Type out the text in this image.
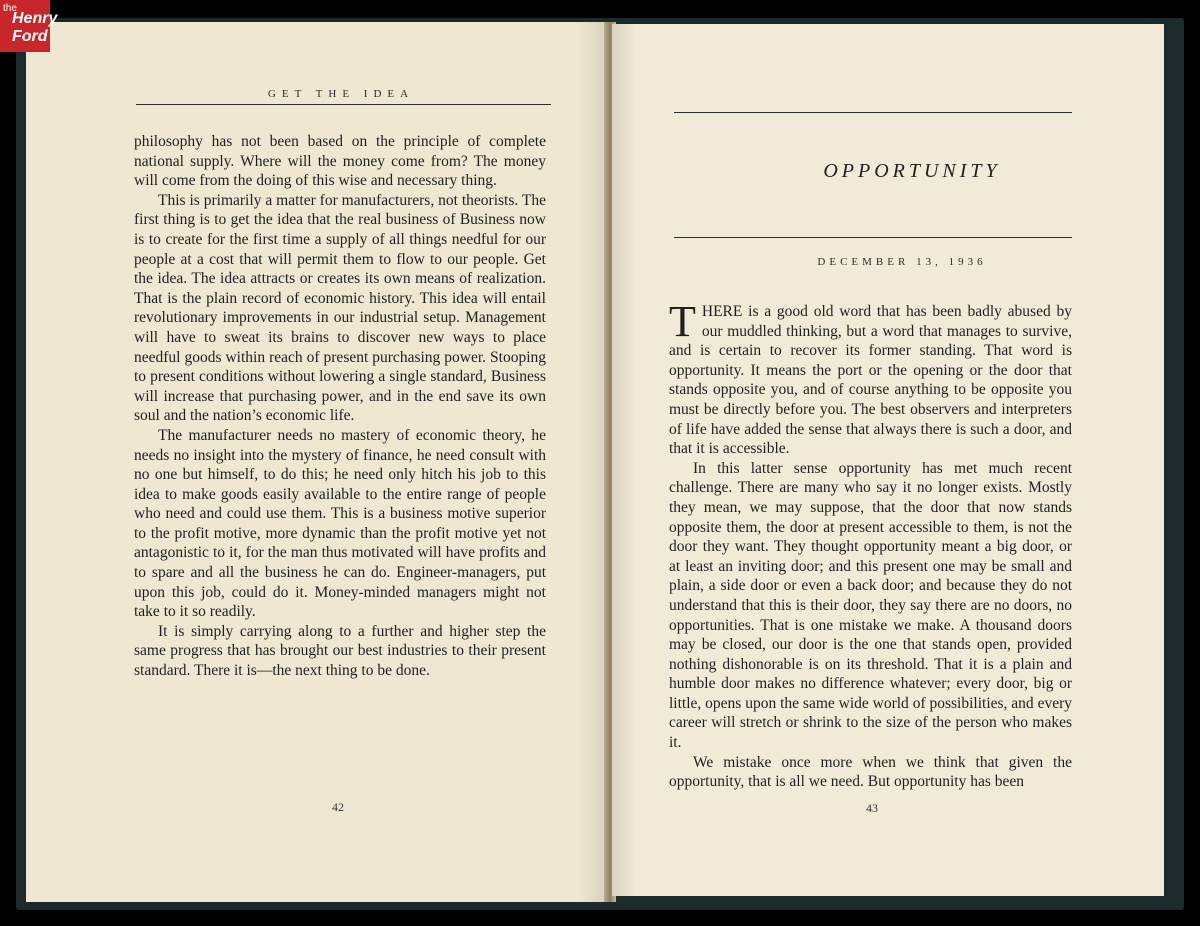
the
Henry
Ford
GET THE IDEA

philosophy has not been based on the principle of complete national supply. Where will the money come from? The money will come from the doing of this wise and necessary thing.

This is primarily a matter for manufacturers, not theorists. The first thing is to get the idea that the real business of Business now is to create for the first time a supply of all things needful for our people at a cost that will permit them to flow to our people. Get the idea. The idea attracts or creates its own means of realization. That is the plain record of economic history. This idea will entail revolutionary improvements in our industrial setup. Management will have to sweat its brains to discover new ways to place needful goods within reach of present purchasing power. Stooping to present conditions without lowering a single standard, Business will increase that purchasing power, and in the end save its own soul and the nation’s economic life.

The manufacturer needs no mastery of economic theory, he needs no insight into the mystery of finance, he need consult with no one but himself, to do this; he need only hitch his job to this idea to make goods easily available to the entire range of people who need and could use them. This is a business motive superior to the profit motive, more dynamic than the profit motive yet not antagonistic to it, for the man thus motivated will have profits and to spare and all the business he can do. Engineer-managers, put upon this job, could do it. Money-minded managers might not take to it so readily.

It is simply carrying along to a further and higher step the same progress that has brought our best industries to their present standard. There it is—the next thing to be done.

42
OPPORTUNITY
DECEMBER 13, 1936

THERE is a good old word that has been badly abused by our muddled thinking, but a word that manages to survive, and is certain to recover its former standing. That word is opportunity. It means the port or the opening or the door that stands opposite you, and of course anything to be opposite you must be directly before you. The best observers and interpreters of life have added the sense that always there is such a door, and that it is accessible.

In this latter sense opportunity has met much recent challenge. There are many who say it no longer exists. Mostly they mean, we may suppose, that the door that now stands opposite them, the door at present accessible to them, is not the door they want. They thought opportunity meant a big door, or at least an inviting door; and this present one may be small and plain, a side door or even a back door; and because they do not understand that this is their door, they say there are no doors, no opportunities. That is one mistake we make. A thousand doors may be closed, our door is the one that stands open, provided nothing dishonorable is on its threshold. That it is a plain and humble door makes no difference whatever; every door, big or little, opens upon the same wide world of possibilities, and every career will stretch or shrink to the size of the person who makes it.

We mistake once more when we think that given the opportunity, that is all we need. But opportunity has been

43
